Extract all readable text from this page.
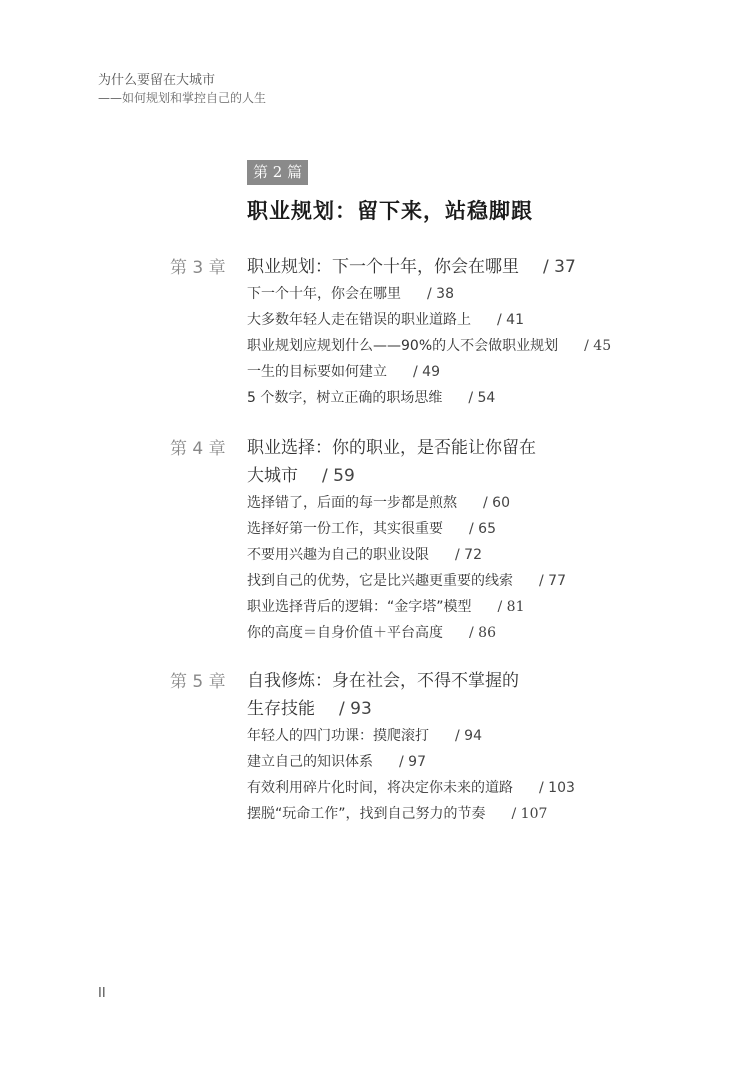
为什么要留在大城市
——如何规划和掌控自己的人生
第 2 篇
职业规划：留下来，站稳脚跟
第 3 章 职业规划：下一个十年，你会在哪里 / 37
下一个十年，你会在哪里 / 38
大多数年轻人走在错误的职业道路上 / 41
职业规划应规划什么——90%的人不会做职业规划 / 45
一生的目标要如何建立 / 49
5 个数字，树立正确的职场思维 / 54
第 4 章 职业选择：你的职业，是否能让你留在
大城市 / 59
选择错了，后面的每一步都是煎熬 / 60
选择好第一份工作，其实很重要 / 65
不要用兴趣为自己的职业设限 / 72
找到自己的优势，它是比兴趣更重要的线索 / 77
职业选择背后的逻辑：“金字塔”模型 / 81
你的高度＝自身价值＋平台高度 / 86
第 5 章 自我修炼：身在社会，不得不掌握的
生存技能 / 93
年轻人的四门功课：摸爬滚打 / 94
建立自己的知识体系 / 97
有效利用碎片化时间，将决定你未来的道路 / 103
摆脱“玩命工作”，找到自己努力的节奏 / 107
II
